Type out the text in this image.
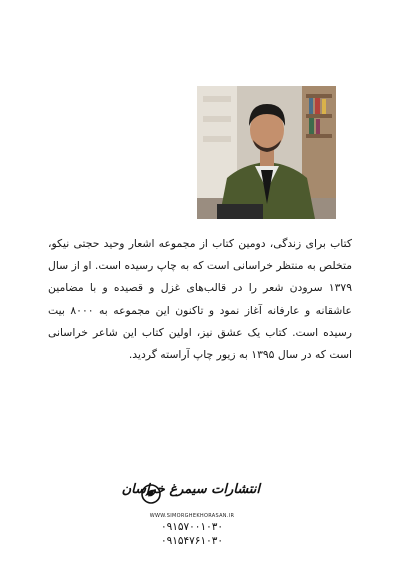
کتاب برای زندگی، دومین کتاب از مجموعه اشعار وحید حجتی نیکو، متخلص به منتظر خراسانی است که به چاپ رسیده است. او از سال ۱۳۷۹ سرودن شعر را در قالب‌های غزل و قصیده و با مضامین عاشقانه و عارفانه آغاز نمود و تاکنون این مجموعه به ۸۰۰۰ بیت رسیده است. کتاب یک عشق نیز، اولین کتاب این شاعر خراسانی است که در سال ۱۳۹۵ به زیور چاپ آراسته گردید.

انتشارات سیمرغ خراسان
WWW.SIMORGHEKHORASAN.IR
۰۹۱۵۷۰۰۱۰۳۰
۰۹۱۵۴۷۶۱۰۳۰
